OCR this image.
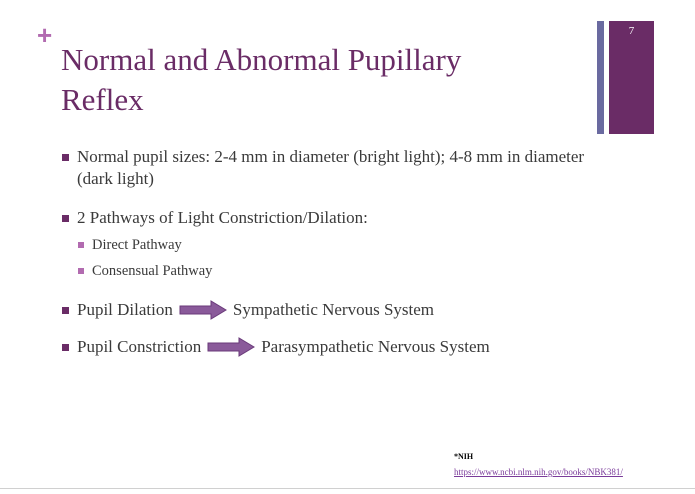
+
Normal and Abnormal Pupillary
Reflex
7
Normal pupil sizes: 2-4 mm in diameter (bright light); 4-8 mm in diameter (dark light)
2 Pathways of Light Constriction/Dilation:
Direct Pathway
Consensual Pathway
Pupil Dilation	Sympathetic Nervous System
Pupil Constriction	Parasympathetic Nervous System
*NIH
https://www.ncbi.nlm.nih.gov/books/NBK381/
